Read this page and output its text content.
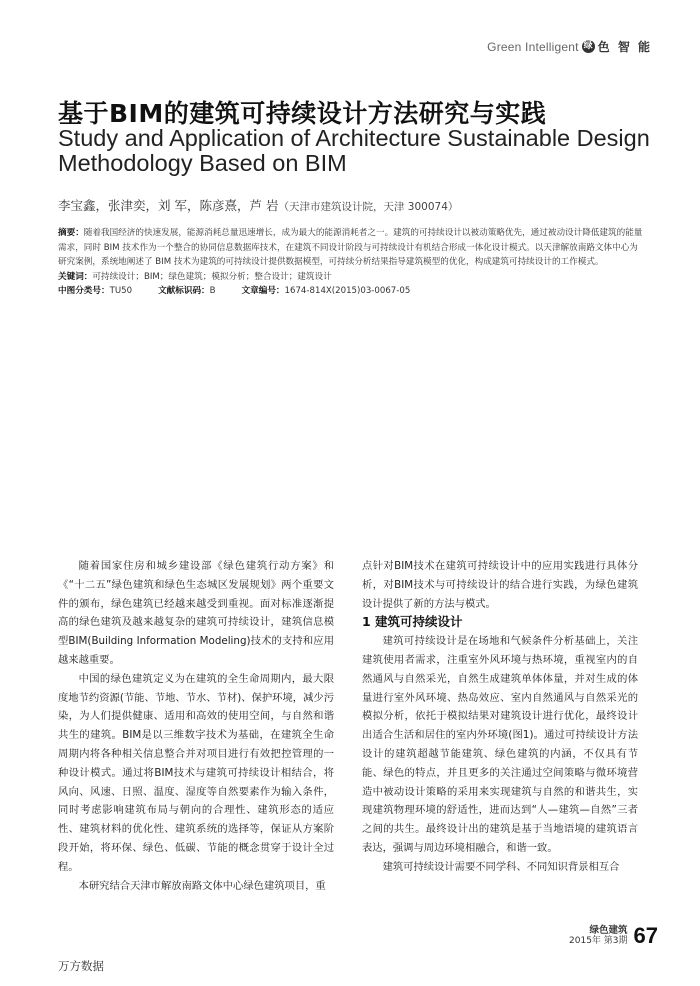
Green Intelligent 绿 色 智 能
基于BIM的建筑可持续设计方法研究与实践
Study and Application of Architecture Sustainable Design Methodology Based on BIM
李宝鑫，张津奕，刘 军，陈彦熹，芦 岩（天津市建筑设计院，天津 300074）
摘要：随着我国经济的快速发展，能源消耗总量迅速增长，成为最大的能源消耗者之一。建筑的可持续设计以被动策略优先，通过被动设计降低建筑的能量需求，同时 BIM 技术作为一个整合的协同信息数据库技术，在建筑不同设计阶段与可持续设计有机结合形成一体化设计模式。以天津解放南路文体中心为研究案例，系统地阐述了 BIM 技术为建筑的可持续设计提供数据模型，可持续分析结果指导建筑模型的优化，构成建筑可持续设计的工作模式。
关键词：可持续设计；BIM；绿色建筑；模拟分析；整合设计；建筑设计
中图分类号：TU50	文献标识码：B	文章编号：1674-814X(2015)03-0067-05

随着国家住房和城乡建设部《绿色建筑行动方案》和《“十二五”绿色建筑和绿色生态城区发展规划》两个重要文件的颁布，绿色建筑已经越来越受到重视。面对标准逐渐提高的绿色建筑及越来越复杂的建筑可持续设计，建筑信息模型BIM(Building Information Modeling)技术的支持和应用越来越重要。

中国的绿色建筑定义为在建筑的全生命周期内，最大限度地节约资源(节能、节地、节水、节材)、保护环境，减少污染，为人们提供健康、适用和高效的使用空间，与自然和谐共生的建筑。BIM是以三维数字技术为基础，在建筑全生命周期内将各种相关信息整合并对项目进行有效把控管理的一种设计模式。通过将BIM技术与建筑可持续设计相结合，将风向、风速、日照、温度、湿度等自然要素作为输入条件，同时考虑影响建筑布局与朝向的合理性、建筑形态的适应性、建筑材料的优化性、建筑系统的选择等，保证从方案阶段开始，将环保、绿色、低碳、节能的概念贯穿于设计全过程。

本研究结合天津市解放南路文体中心绿色建筑项目，重

点针对BIM技术在建筑可持续设计中的应用实践进行具体分析，对BIM技术与可持续设计的结合进行实践，为绿色建筑设计提供了新的方法与模式。

1 建筑可持续设计

建筑可持续设计是在场地和气候条件分析基础上，关注建筑使用者需求，注重室外风环境与热环境，重视室内的自然通风与自然采光，自然生成建筑单体体量，并对生成的体量进行室外风环境、热岛效应、室内自然通风与自然采光的模拟分析，依托于模拟结果对建筑设计进行优化，最终设计出适合生活和居住的室内外环境(图1)。通过可持续设计方法设计的建筑超越节能建筑、绿色建筑的内涵，不仅具有节能、绿色的特点，并且更多的关注通过空间策略与微环境营造中被动设计策略的采用来实现建筑与自然的和谐共生，实现建筑物理环境的舒适性，进而达到“人—建筑—自然”三者之间的共生。最终设计出的建筑是基于当地语境的建筑语言表达，强调与周边环境相融合，和谐一致。

建筑可持续设计需要不同学科、不同知识背景相互合

绿色建筑
2015年 第3期 67
万方数据
